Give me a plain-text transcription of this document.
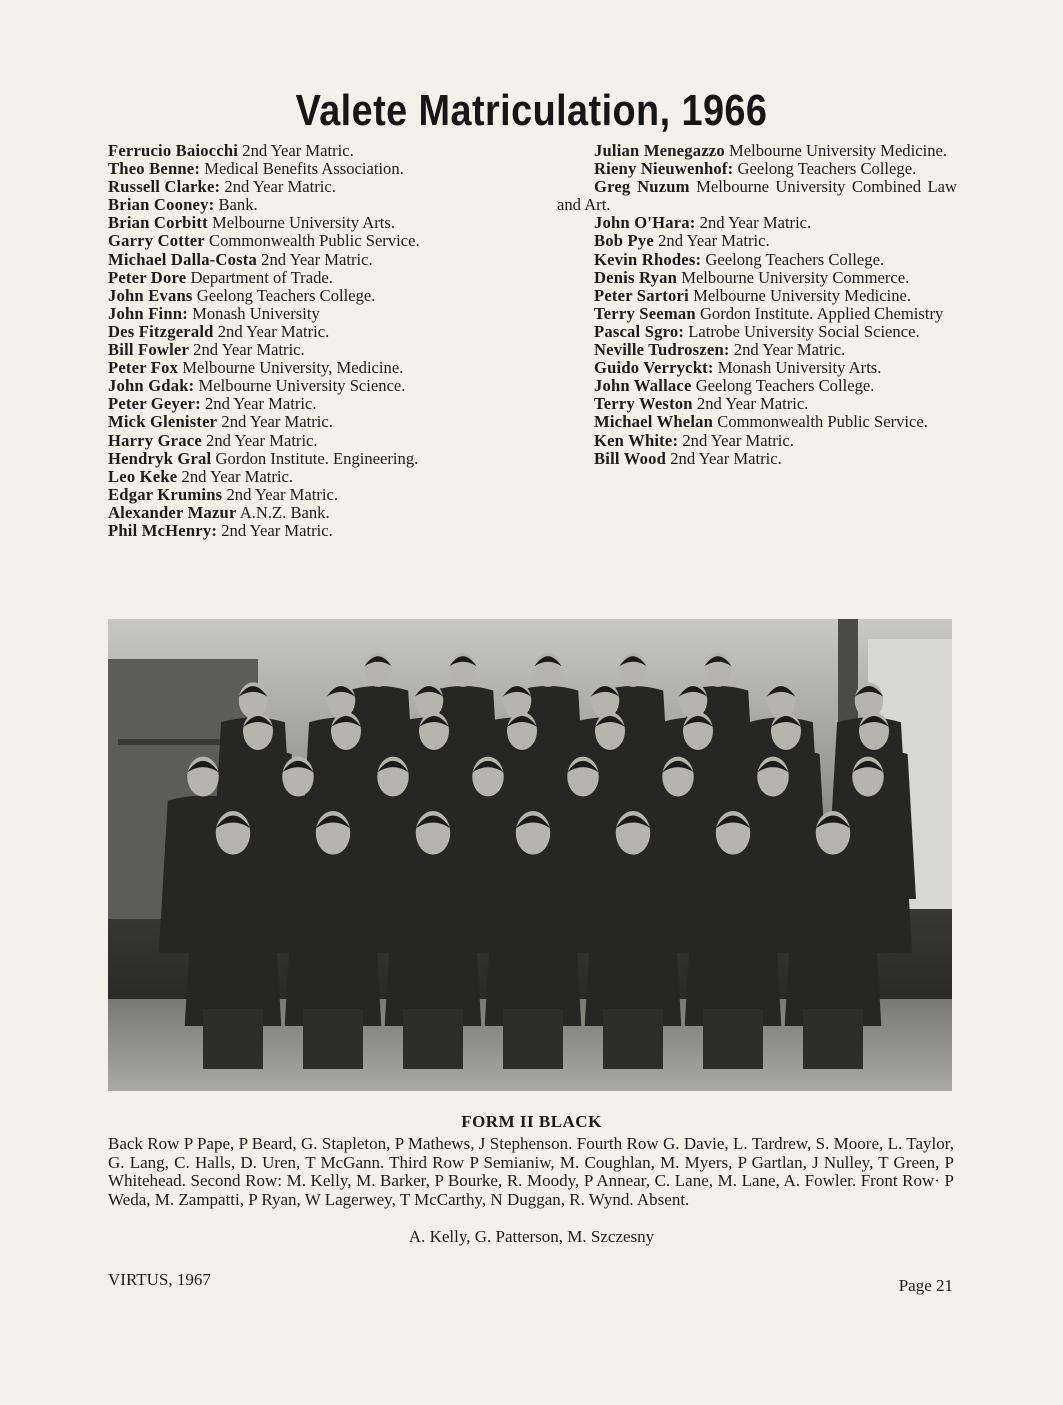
Valete Matriculation, 1966

Ferrucio Baiocchi 2nd Year Matric.

Theo Benne: Medical Benefits Association.

Russell Clarke: 2nd Year Matric.

Brian Cooney: Bank.

Brian Corbitt Melbourne University Arts.

Garry Cotter Commonwealth Public Service.

Michael Dalla-Costa 2nd Year Matric.

Peter Dore Department of Trade.

John Evans Geelong Teachers College.

John Finn: Monash University

Des Fitzgerald 2nd Year Matric.

Bill Fowler 2nd Year Matric.

Peter Fox Melbourne University, Medicine.

John Gdak: Melbourne University Science.

Peter Geyer: 2nd Year Matric.

Mick Glenister 2nd Year Matric.

Harry Grace 2nd Year Matric.

Hendryk Gral Gordon Institute. Engineering.

Leo Keke 2nd Year Matric.

Edgar Krumins 2nd Year Matric.

Alexander Mazur A.N.Z. Bank.

Phil McHenry: 2nd Year Matric.

Julian Menegazzo Melbourne University Medicine.

Rieny Nieuwenhof: Geelong Teachers College.

Greg Nuzum Melbourne University Combined Law and Art.

John O'Hara: 2nd Year Matric.

Bob Pye 2nd Year Matric.

Kevin Rhodes: Geelong Teachers College.

Denis Ryan Melbourne University Commerce.

Peter Sartori Melbourne University Medicine.

Terry Seeman Gordon Institute. Applied Chemistry

Pascal Sgro: Latrobe University Social Science.

Neville Tudroszen: 2nd Year Matric.

Guido Verryckt: Monash University Arts.

John Wallace Geelong Teachers College.

Terry Weston 2nd Year Matric.

Michael Whelan Commonwealth Public Service.

Ken White: 2nd Year Matric.

Bill Wood 2nd Year Matric.

FORM II BLACK
Back Row P Pape, P Beard, G. Stapleton, P Mathews, J Stephenson. Fourth Row G. Davie, L. Tardrew, S. Moore, L. Taylor, G. Lang, C. Halls, D. Uren, T McGann. Third Row P Semianiw, M. Coughlan, M. Myers, P Gartlan, J Nulley, T Green, P Whitehead. Second Row: M. Kelly, M. Barker, P Bourke, R. Moody, P Annear, C. Lane, M. Lane, A. Fowler. Front Row· P Weda, M. Zampatti, P Ryan, W Lagerwey, T McCarthy, N Duggan, R. Wynd. Absent.
A. Kelly, G. Patterson, M. Szczesny
VIRTUS, 1967	Page 21
